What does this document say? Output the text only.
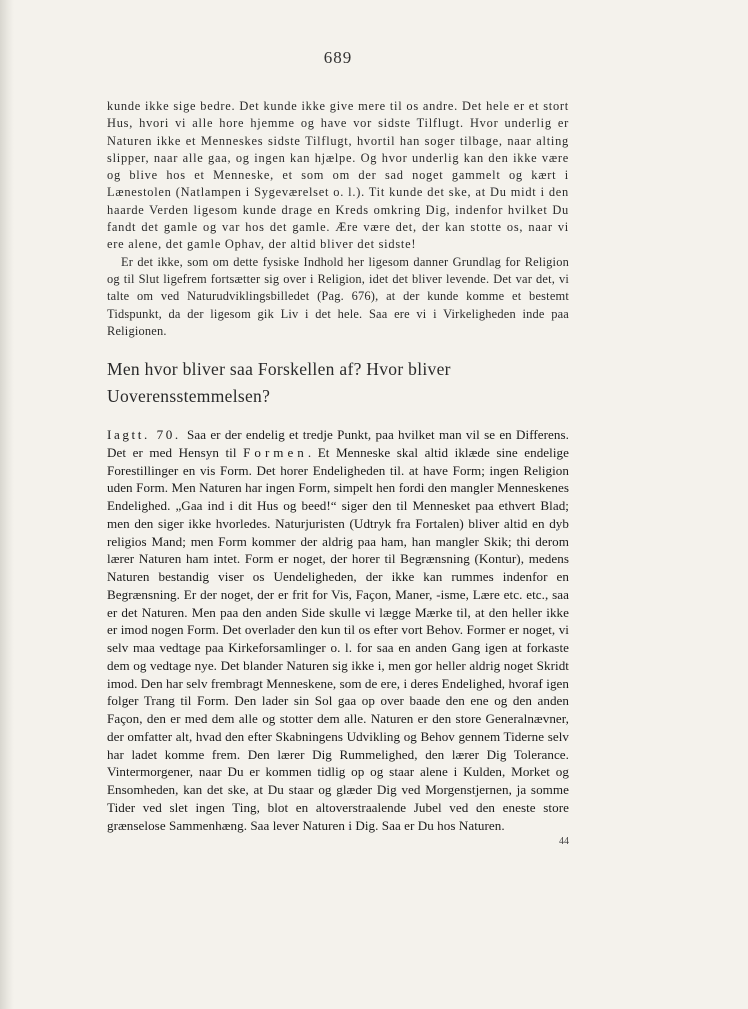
689

kunde ikke sige bedre. Det kunde ikke give mere til os andre. Det hele er et stort Hus, hvori vi alle hore hjemme og have vor sidste Tilflugt. Hvor underlig er Naturen ikke et Menneskes sidste Tilflugt, hvortil han soger tilbage, naar alting slipper, naar alle gaa, og ingen kan hjælpe. Og hvor underlig kan den ikke være og blive hos et Menneske, et som om der sad noget gammelt og kært i Lænestolen (Natlampen i Sygeværelset o. l.). Tit kunde det ske, at Du midt i den haarde Verden ligesom kunde drage en Kreds omkring Dig, indenfor hvilket Du fandt det gamle og var hos det gamle. Ære være det, der kan stotte os, naar vi ere alene, det gamle Ophav, der altid bliver det sidste!

Er det ikke, som om dette fysiske Indhold her ligesom danner Grundlag for Religion og til Slut ligefrem fortsætter sig over i Religion, idet det bliver levende. Det var det, vi talte om ved Naturudviklingsbilledet (Pag. 676), at der kunde komme et bestemt Tidspunkt, da der ligesom gik Liv i det hele. Saa ere vi i Virkeligheden inde paa Religionen.

Men hvor bliver saa Forskellen af? Hvor bliver Uoverensstemmelsen?

Iagtt. 70. Saa er der endelig et tredje Punkt, paa hvilket man vil se en Differens. Det er med Hensyn til Formen. Et Menneske skal altid iklæde sine endelige Forestillinger en vis Form. Det horer Endeligheden til. at have Form; ingen Religion uden Form. Men Naturen har ingen Form, simpelt hen fordi den mangler Menneskenes Endelighed. „Gaa ind i dit Hus og beed!“ siger den til Mennesket paa ethvert Blad; men den siger ikke hvorledes. Naturjuristen (Udtryk fra Fortalen) bliver altid en dyb religios Mand; men Form kommer der aldrig paa ham, han mangler Skik; thi derom lærer Naturen ham intet. Form er noget, der horer til Begrænsning (Kontur), medens Naturen bestandig viser os Uendeligheden, der ikke kan rummes indenfor en Begrænsning. Er der noget, der er frit for Vis, Façon, Maner, -isme, Lære etc. etc., saa er det Naturen. Men paa den anden Side skulle vi lægge Mærke til, at den heller ikke er imod nogen Form. Det overlader den kun til os efter vort Behov. Former er noget, vi selv maa vedtage paa Kirkeforsamlinger o. l. for saa en anden Gang igen at forkaste dem og vedtage nye. Det blander Naturen sig ikke i, men gor heller aldrig noget Skridt imod. Den har selv frembragt Menneskene, som de ere, i deres Endelighed, hvoraf igen folger Trang til Form. Den lader sin Sol gaa op over baade den ene og den anden Façon, den er med dem alle og stotter dem alle. Naturen er den store Generalnævner, der omfatter alt, hvad den efter Skabningens Udvikling og Behov gennem Tiderne selv har ladet komme frem. Den lærer Dig Rummelighed, den lærer Dig Tolerance. Vintermorgener, naar Du er kommen tidlig op og staar alene i Kulden, Morket og Ensomheden, kan det ske, at Du staar og glæder Dig ved Morgenstjernen, ja somme Tider ved slet ingen Ting, blot en altoverstraalende Jubel ved den eneste store grænselose Sammenhæng. Saa lever Naturen i Dig. Saa er Du hos Naturen.

44
